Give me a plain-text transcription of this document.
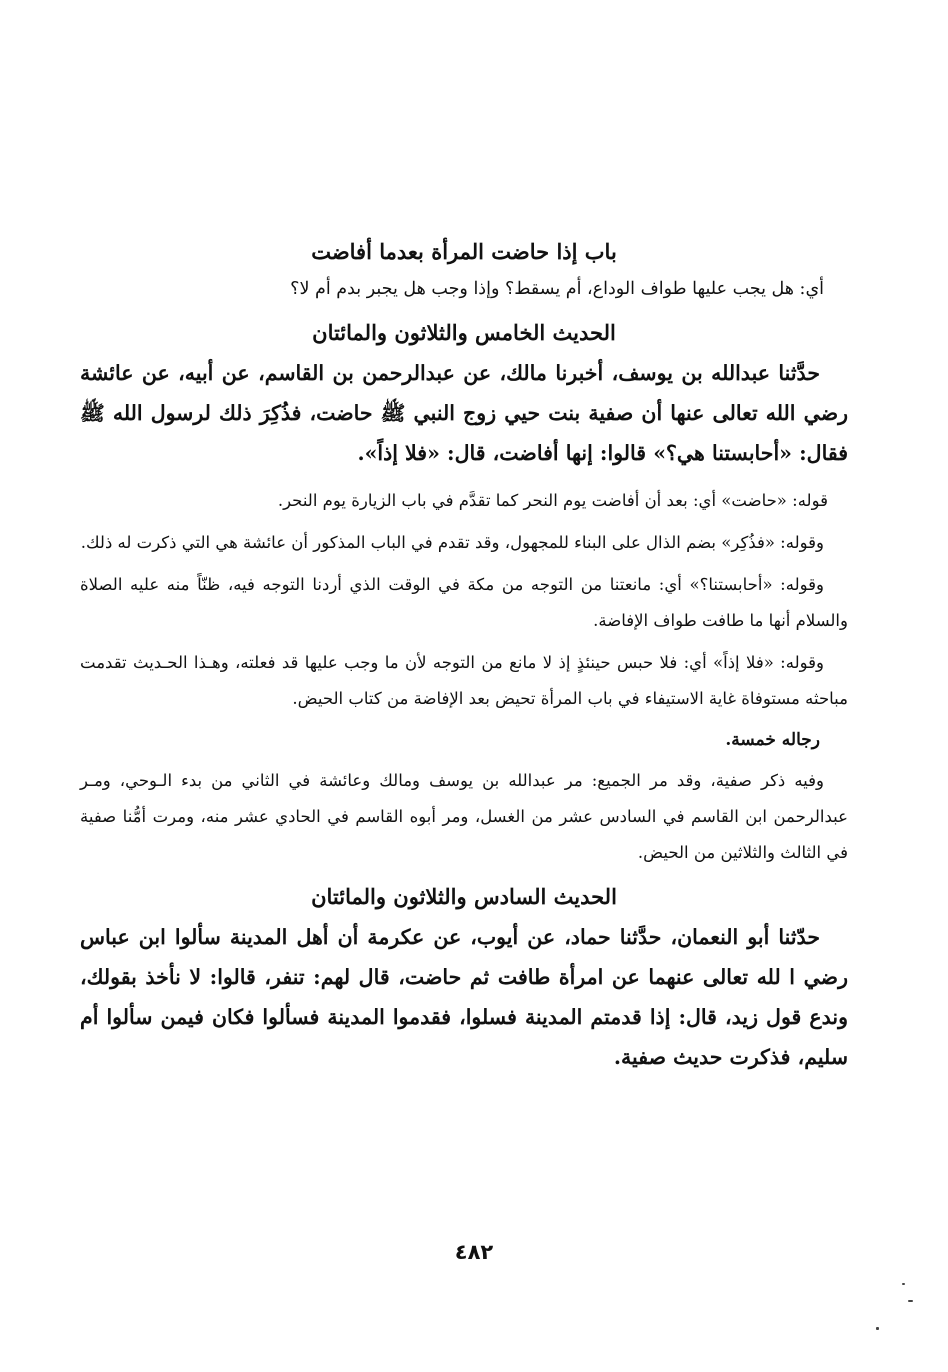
باب إذا حاضت المرأة بعدما أفاضت

أي: هل يجب عليها طواف الوداع، أم يسقط؟ وإذا وجب هل يجبر بدم أم لا؟

الحديث الخامس والثلاثون والمائتان

حدَّثنا عبدالله بن يوسف، أخبرنا مالك، عن عبدالرحمن بن القاسم، عن أبيه، عن عائشة رضي الله تعالى عنها أن صفية بنت حيي زوج النبي ﷺ حاضت، فذُكِرَ ذلك لرسول الله ﷺ فقال: «أحابستنا هي؟» قالوا: إنها أفاضت، قال: «فلا إذاً».

قوله: «حاضت» أي: بعد أن أفاضت يوم النحر كما تقدَّم في باب الزيارة يوم النحر.

وقوله: «فذُكِر» بضم الذال على البناء للمجهول، وقد تقدم في الباب المذكور أن عائشة هي التي ذكرت له ذلك.

وقوله: «أحابستنا؟» أي: مانعتنا من التوجه من مكة في الوقت الذي أردنا التوجه فيه، ظنّاً منه عليه الصلاة والسلام أنها ما طافت طواف الإفاضة.

وقوله: «فلا إذاً» أي: فلا حبس حينئذٍ إذ لا مانع من التوجه لأن ما وجب عليها قد فعلته، وهـذا الحـديث تقدمت مباحثه مستوفاة غاية الاستيفاء في باب المرأة تحيض بعد الإفاضة من كتاب الحيض.

رجاله خمسة.

وفيه ذكر صفية، وقد مر الجميع: مر عبدالله بن يوسف ومالك وعائشة في الثاني من بدء الـوحي، ومـر عبدالرحمن ابن القاسم في السادس عشر من الغسل، ومر أبوه القاسم في الحادي عشر منه، ومرت أمُّنا صفية في الثالث والثلاثين من الحيض.

الحديث السادس والثلاثون والمائتان

حدّثنا أبو النعمان، حدَّثنا حماد، عن أيوب، عن عكرمة أن أهل المدينة سألوا ابن عباس رضي ا لله تعالى عنهما عن امرأة طافت ثم حاضت، قال لهم: تنفر، قالوا: لا نأخذ بقولك، وندع قول زيد، قال: إذا قدمتم المدينة فسلوا، فقدموا المدينة فسألوا فكان فيمن سألوا أم سليم، فذكرت حديث صفية.

٤٨٢
